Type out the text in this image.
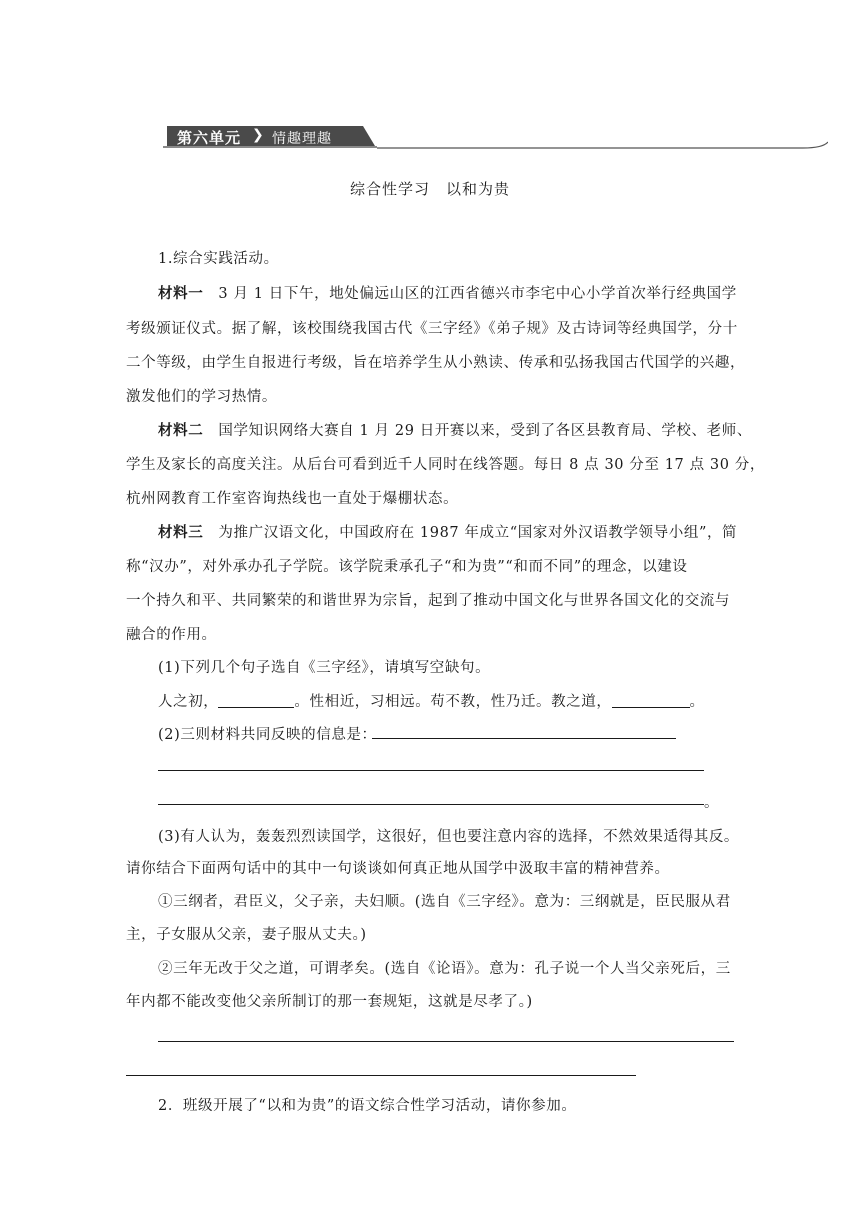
第六单元 ❯ 情趣理趣
综合性学习　以和为贵
1.综合实践活动。
材料一　3 月 1 日下午，地处偏远山区的江西省德兴市李宅中心小学首次举行经典国学
考级颁证仪式。据了解，该校围绕我国古代《三字经》《弟子规》及古诗词等经典国学，分十
二个等级，由学生自报进行考级，旨在培养学生从小熟读、传承和弘扬我国古代国学的兴趣，
激发他们的学习热情。
材料二　国学知识网络大赛自 1 月 29 日开赛以来，受到了各区县教育局、学校、老师、
学生及家长的高度关注。从后台可看到近千人同时在线答题。每日 8 点 30 分至 17 点 30 分，
杭州网教育工作室咨询热线也一直处于爆棚状态。
材料三　为推广汉语文化，中国政府在 1987 年成立“国家对外汉语教学领导小组”，简
称“汉办”，对外承办孔子学院。该学院秉承孔子“和为贵”“和而不同”的理念，以建设
一个持久和平、共同繁荣的和谐世界为宗旨，起到了推动中国文化与世界各国文化的交流与
融合的作用。
(1)下列几个句子选自《三字经》，请填写空缺句。
人之初，	。性相近，习相远。苟不教，性乃迁。教之道，	。
(2)三则材料共同反映的信息是：
。
(3)有人认为，轰轰烈烈读国学，这很好，但也要注意内容的选择，不然效果适得其反。
请你结合下面两句话中的其中一句谈谈如何真正地从国学中汲取丰富的精神营养。
①三纲者，君臣义，父子亲，夫妇顺。(选自《三字经》。意为：三纲就是，臣民服从君
主，子女服从父亲，妻子服从丈夫。)
②三年无改于父之道，可谓孝矣。(选自《论语》。意为：孔子说一个人当父亲死后，三
年内都不能改变他父亲所制订的那一套规矩，这就是尽孝了。)
2．班级开展了“以和为贵”的语文综合性学习活动，请你参加。
